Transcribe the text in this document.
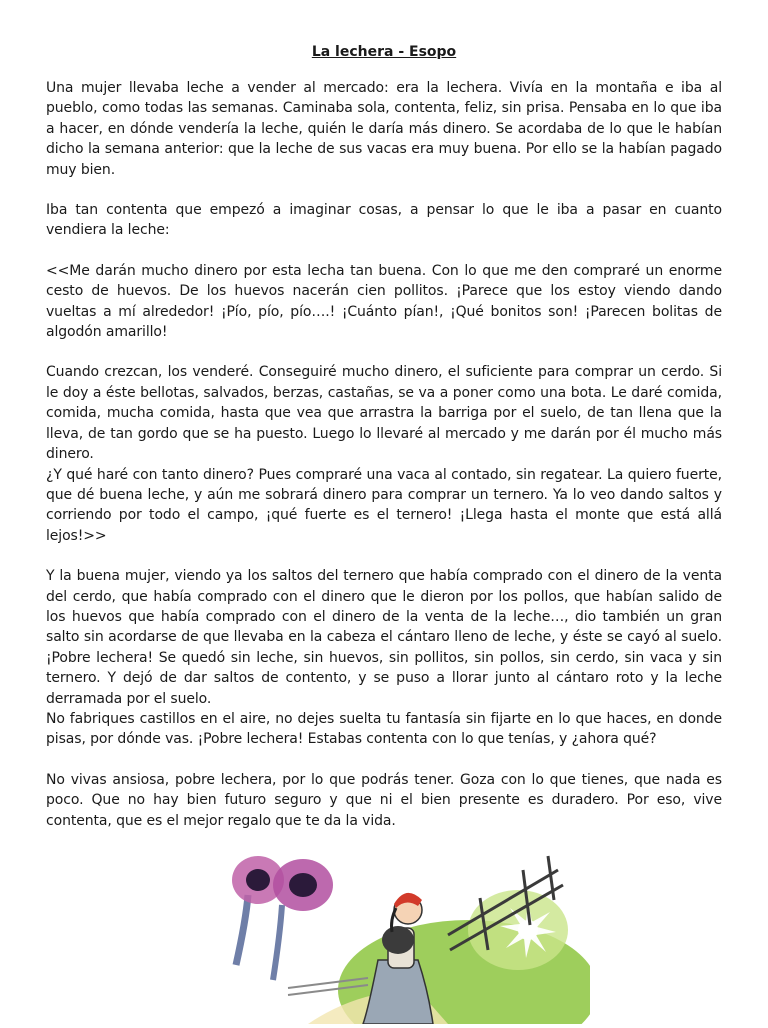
La lechera - Esopo

Una mujer llevaba leche a vender al mercado: era la lechera. Vivía en la montaña e iba al pueblo, como todas las semanas. Caminaba sola, contenta, feliz, sin prisa. Pensaba en lo que iba a hacer, en dónde vendería la leche, quién le daría más dinero. Se acordaba de lo que le habían dicho la semana anterior: que la leche de sus vacas era muy buena. Por ello se la habían pagado muy bien.

Iba tan contenta que empezó a imaginar cosas, a pensar lo que le iba a pasar en cuanto vendiera la leche:

<<Me darán mucho dinero por esta lecha tan buena. Con lo que me den compraré un enorme cesto de huevos. De los huevos nacerán cien pollitos. ¡Parece que los estoy viendo dando vueltas a mí alrededor! ¡Pío, pío, pío….! ¡Cuánto pían!, ¡Qué bonitos son! ¡Parecen bolitas de algodón amarillo!

Cuando crezcan, los venderé. Conseguiré mucho dinero, el suficiente para comprar un cerdo. Si le doy a éste bellotas, salvados, berzas, castañas, se va a poner como una bota. Le daré comida, comida, mucha comida, hasta que vea que arrastra la barriga por el suelo, de tan llena que la lleva, de tan gordo que se ha puesto. Luego lo llevaré al mercado y me darán por él mucho más dinero.

¿Y qué haré con tanto dinero? Pues compraré una vaca al contado, sin regatear. La quiero fuerte, que dé buena leche, y aún me sobrará dinero para comprar un ternero. Ya lo veo dando saltos y corriendo por todo el campo, ¡qué fuerte es el ternero! ¡Llega hasta el monte que está allá lejos!>>

Y la buena mujer, viendo ya los saltos del ternero que había comprado con el dinero de la venta del cerdo, que había comprado con el dinero que le dieron por los pollos, que habían salido de los huevos que había comprado con el dinero de la venta de la leche…, dio también un gran salto sin acordarse de que llevaba en la cabeza el cántaro lleno de leche, y éste se cayó al suelo. ¡Pobre lechera! Se quedó sin leche, sin huevos, sin pollitos, sin pollos, sin cerdo, sin vaca y sin ternero. Y dejó de dar saltos de contento, y se puso a llorar junto al cántaro roto y la leche derramada por el suelo.

No fabriques castillos en el aire, no dejes suelta tu fantasía sin fijarte en lo que haces, en donde pisas, por dónde vas. ¡Pobre lechera! Estabas contenta con lo que tenías, y ¿ahora qué?

No vivas ansiosa, pobre lechera, por lo que podrás tener. Goza con lo que tienes, que nada es poco. Que no hay bien futuro seguro y que ni el bien presente es duradero. Por eso, vive contenta, que es el mejor regalo que te da la vida.
